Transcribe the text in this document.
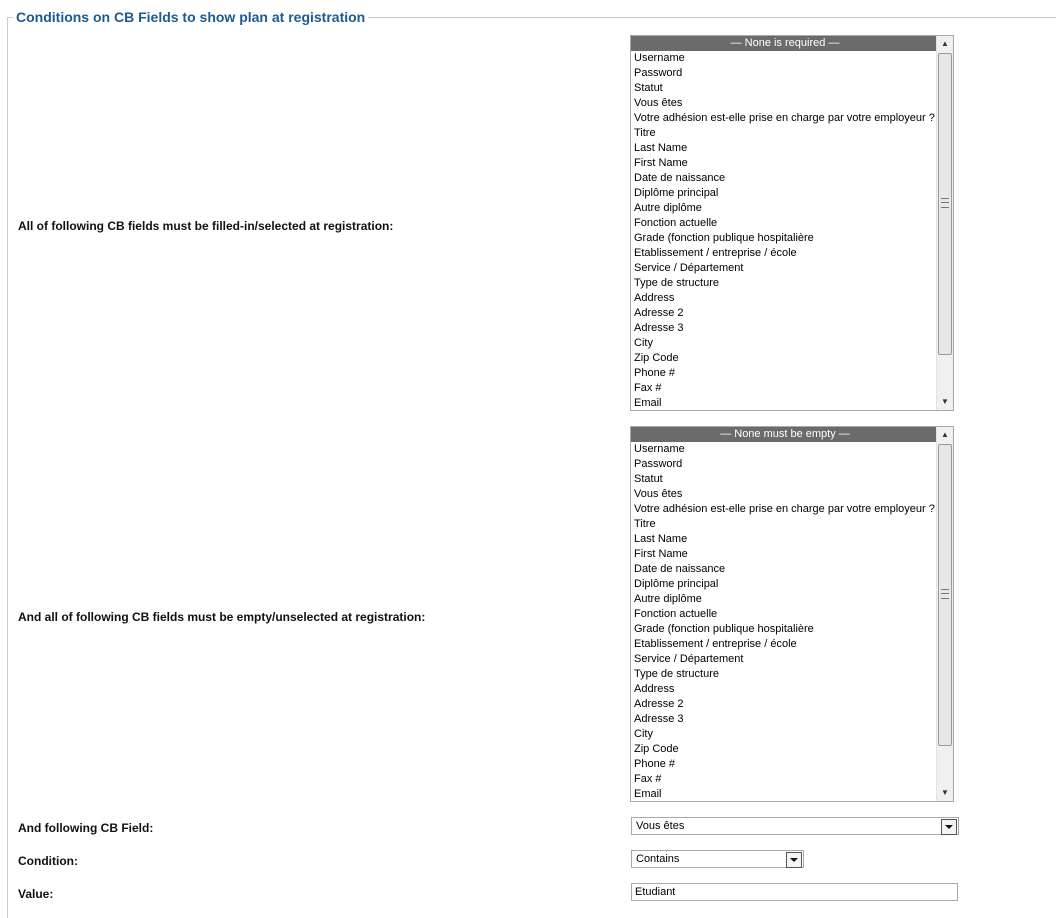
Conditions on CB Fields to show plan at registration
All of following CB fields must be filled-in/selected at registration:
— None is required —
Username
Password
Statut
Vous êtes
Votre adhésion est-elle prise en charge par votre employeur ?
Titre
Last Name
First Name
Date de naissance
Diplôme principal
Autre diplôme
Fonction actuelle
Grade (fonction publique hospitalière
Etablissement / entreprise / école
Service / Département
Type de structure
Address
Adresse 2
Adresse 3
City
Zip Code
Phone #
Fax #
Email
▲
▼
And all of following CB fields must be empty/unselected at registration:
— None must be empty —
Username
Password
Statut
Vous êtes
Votre adhésion est-elle prise en charge par votre employeur ?
Titre
Last Name
First Name
Date de naissance
Diplôme principal
Autre diplôme
Fonction actuelle
Grade (fonction publique hospitalière
Etablissement / entreprise / école
Service / Département
Type de structure
Address
Adresse 2
Adresse 3
City
Zip Code
Phone #
Fax #
Email
▲
▼
And following CB Field:	Vous êtes
Condition:	Contains
Value:
Etudiant
